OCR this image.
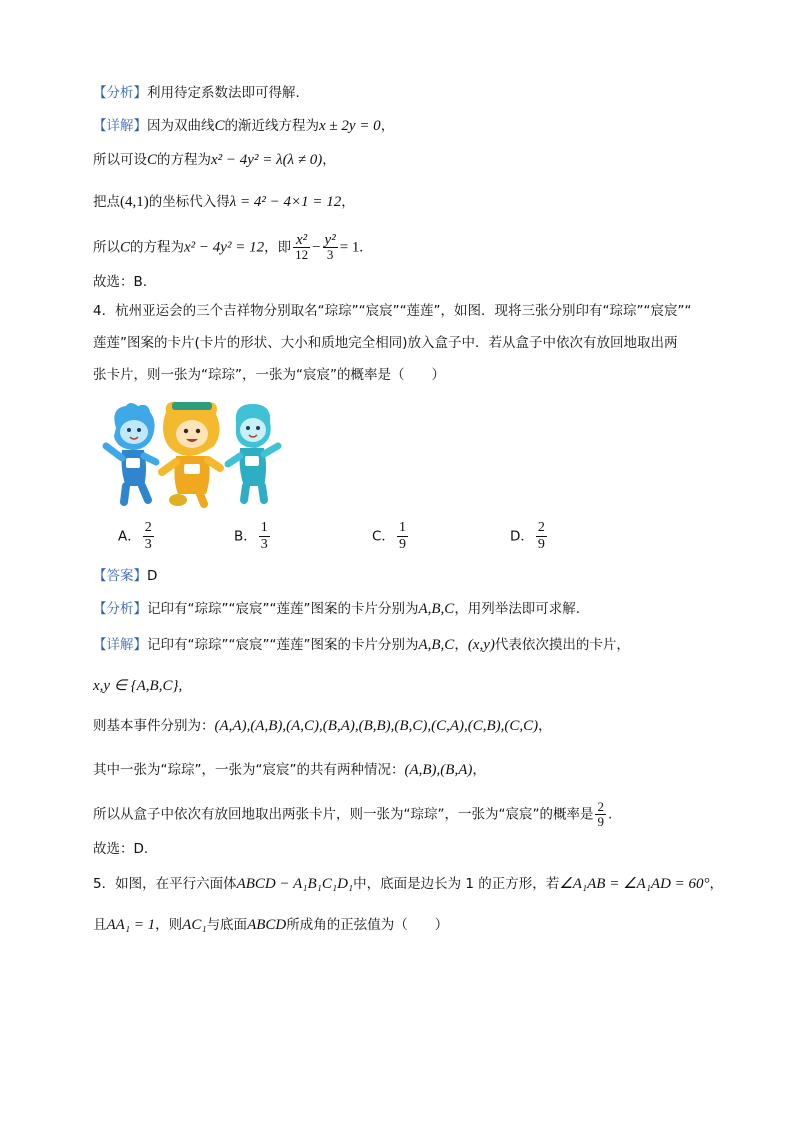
【分析】利用待定系数法即可得解.
【详解】因为双曲线C的渐近线方程为x ± 2y = 0，
所以可设C的方程为x² − 4y² = λ(λ ≠ 0)，
把点(4,1)的坐标代入得λ = 4² − 4×1 = 12，
所以C的方程为x² − 4y² = 12，即 $\frac{\text{x²}}{12} - \frac{\text{y²}}{3} = 1$.
故选：B.
4．杭州亚运会的三个吉祥物分别取名“琮琮”“宸宸”“莲莲”，如图．现将三张分别印有“琮琮”“宸宸”“
莲莲”图案的卡片(卡片的形状、大小和质地完全相同)放入盒子中．若从盒子中依次有放回地取出两
张卡片，则一张为“琮琮”，一张为“宸宸”的概率是（　　）
A． $\frac{2}{3}$	B． $\frac{1}{3}$	C． $\frac{1}{9}$	D． $\frac{2}{9}$
【答案】D
【分析】记印有“琮琮”“宸宸”“莲莲”图案的卡片分别为A,B,C，用列举法即可求解.
【详解】记印有“琮琮”“宸宸”“莲莲”图案的卡片分别为A,B,C，(x,y)代表依次摸出的卡片，
x,y ∈ {A,B,C},
则基本事件分别为：(A,A),(A,B),(A,C),(B,A),(B,B),(B,C),(C,A),(C,B),(C,C)，
其中一张为“琮琮”，一张为“宸宸”的共有两种情况：(A,B),(B,A)，
所以从盒子中依次有放回地取出两张卡片，则一张为“琮琮”，一张为“宸宸”的概率是 $\frac{2}{9}$ .
故选：D.
5．如图，在平行六面体ABCD − A₁B₁C₁D₁中，底面是边长为 1 的正方形，若∠A₁AB = ∠A₁AD = 60°，
且AA₁ = 1，则AC₁与底面ABCD所成角的正弦值为（　　）
